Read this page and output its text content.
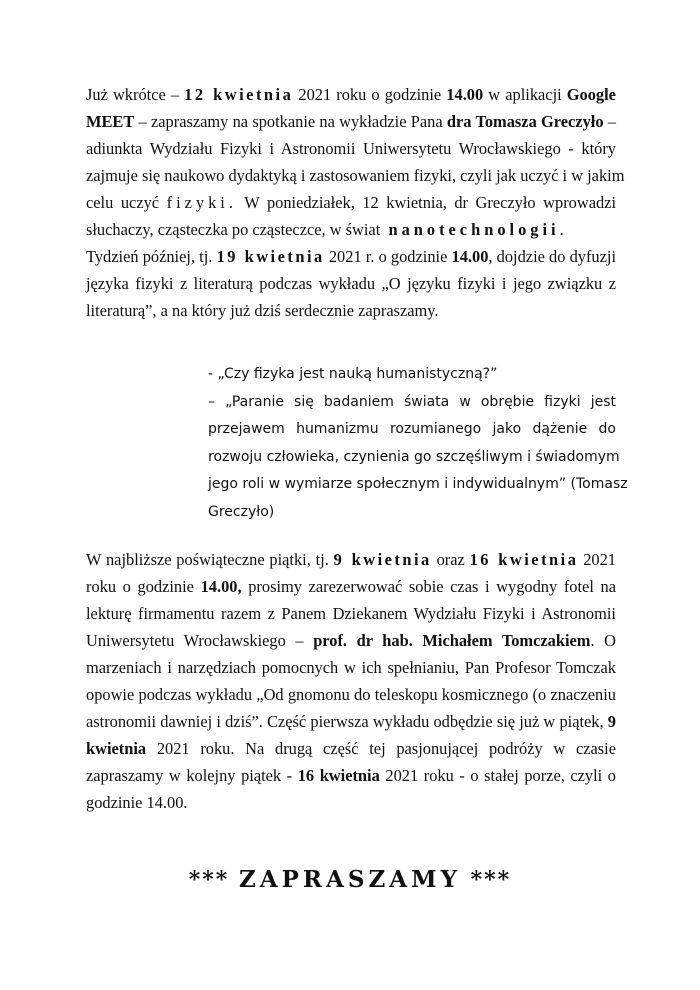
Już wkrótce – 12 kwietnia 2021 roku o godzinie 14.00 w aplikacji Google
MEET – zapraszamy na spotkanie na wykładzie Pana dra Tomasza Greczyło –
adiunkta Wydziału Fizyki i Astronomii Uniwersytetu Wrocławskiego - który
zajmuje się naukowo dydaktyką i zastosowaniem fizyki, czyli jak uczyć i w jakim
celu uczyć fizyki. W poniedziałek, 12 kwietnia, dr Greczyło wprowadzi
słuchaczy, cząsteczka po cząsteczce, w świat nanotechnologii.
Tydzień później, tj. 19 kwietnia 2021 r. o godzinie 14.00, dojdzie do dyfuzji
języka fizyki z literaturą podczas wykładu „O języku fizyki i jego związku z
literaturą”, a na który już dziś serdecznie zapraszamy.
- „Czy fizyka jest nauką humanistyczną?”
– „Paranie się badaniem świata w obrębie fizyki jest
przejawem humanizmu rozumianego jako dążenie do
rozwoju człowieka, czynienia go szczęśliwym i świadomym
jego roli w wymiarze społecznym i indywidualnym” (Tomasz
Greczyło)
W najbliższe poświąteczne piątki, tj. 9 kwietnia oraz 16 kwietnia 2021
roku o godzinie 14.00, prosimy zarezerwować sobie czas i wygodny fotel na
lekturę firmamentu razem z Panem Dziekanem Wydziału Fizyki i Astronomii
Uniwersytetu Wrocławskiego – prof. dr hab. Michałem Tomczakiem. O
marzeniach i narzędziach pomocnych w ich spełnianiu, Pan Profesor Tomczak
opowie podczas wykładu „Od gnomonu do teleskopu kosmicznego (o znaczeniu
astronomii dawniej i dziś”. Część pierwsza wykładu odbędzie się już w piątek, 9
kwietnia 2021 roku. Na drugą część tej pasjonującej podróży w czasie
zapraszamy w kolejny piątek - 16 kwietnia 2021 roku - o stałej porze, czyli o
godzinie 14.00.
*** ZAPRASZAMY ***
